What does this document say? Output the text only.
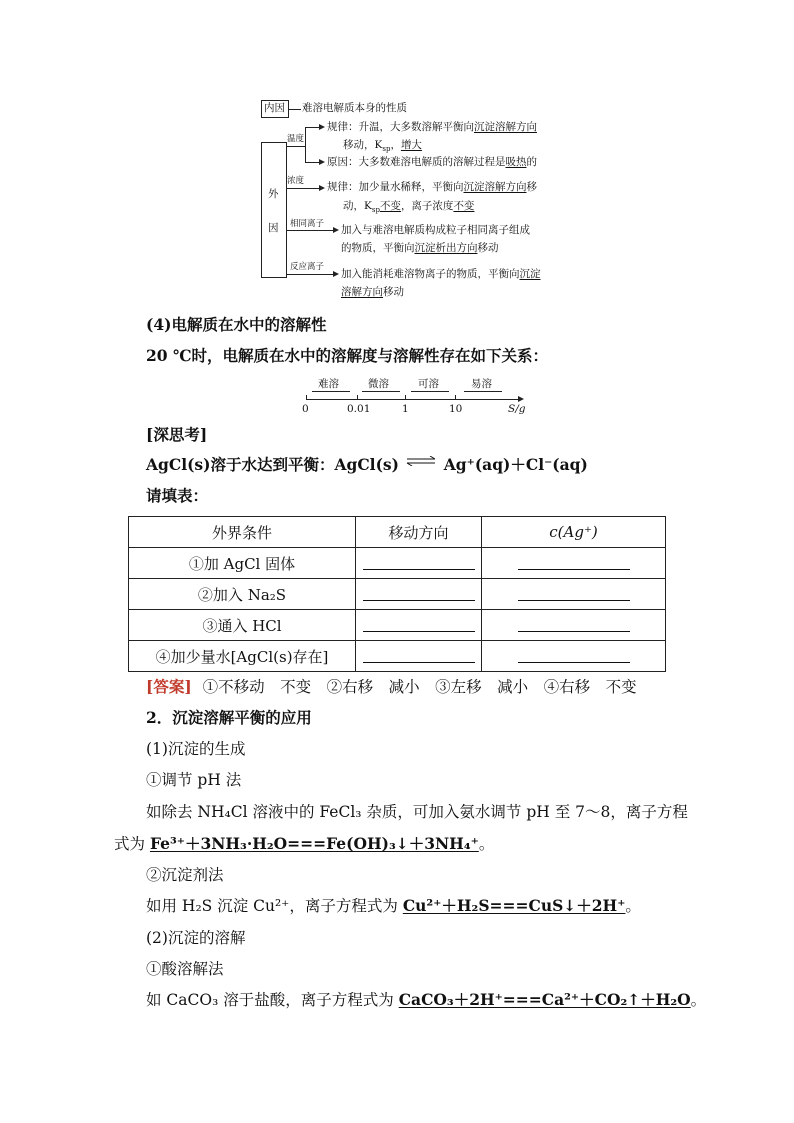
内因 难溶电解质本身的性质
外
因
温度
规律：升温，大多数溶解平衡向沉淀溶解方向
移动，$K_{sp}$，增大
原因：大多数难溶电解质的溶解过程是吸热的
浓度 规律：加少量水稀释，平衡向沉淀溶解方向移
动，$K_{sp}$不变，离子浓度不变
相同离子 加入与难溶电解质构成粒子相同离子组成
的物质，平衡向沉淀析出方向移动
反应离子
加入能消耗难溶物离子的物质，平衡向沉淀
溶解方向移动
(4)电解质在水中的溶解性
20 ℃时，电解质在水中的溶解度与溶解性存在如下关系：
难溶	微溶	可溶	易溶
0	0.01	1	10	S/g
[深思考]
AgCl(s)溶于水达到平衡：AgCl(s) ⇌ Ag⁺(aq)＋Cl⁻(aq)
请填表：
外界条件	移动方向	c(Ag⁺)
①加 AgCl 固体		
②加入 Na₂S		
③通入 HCl		
④加少量水[AgCl(s)存在]		
[答案] ①不移动　不变　②右移　减小　③左移　减小　④右移　不变
2．沉淀溶解平衡的应用
(1)沉淀的生成
①调节 pH 法
如除去 NH₄Cl 溶液中的 FeCl₃ 杂质，可加入氨水调节 pH 至 7～8，离子方程
式为 Fe³⁺＋3NH₃·H₂O===Fe(OH)₃↓＋3NH₄⁺。
②沉淀剂法
如用 H₂S 沉淀 Cu²⁺，离子方程式为 Cu²⁺＋H₂S===CuS↓＋2H⁺。
(2)沉淀的溶解
①酸溶解法
如 CaCO₃ 溶于盐酸，离子方程式为 CaCO₃＋2H⁺===Ca²⁺＋CO₂↑＋H₂O。
